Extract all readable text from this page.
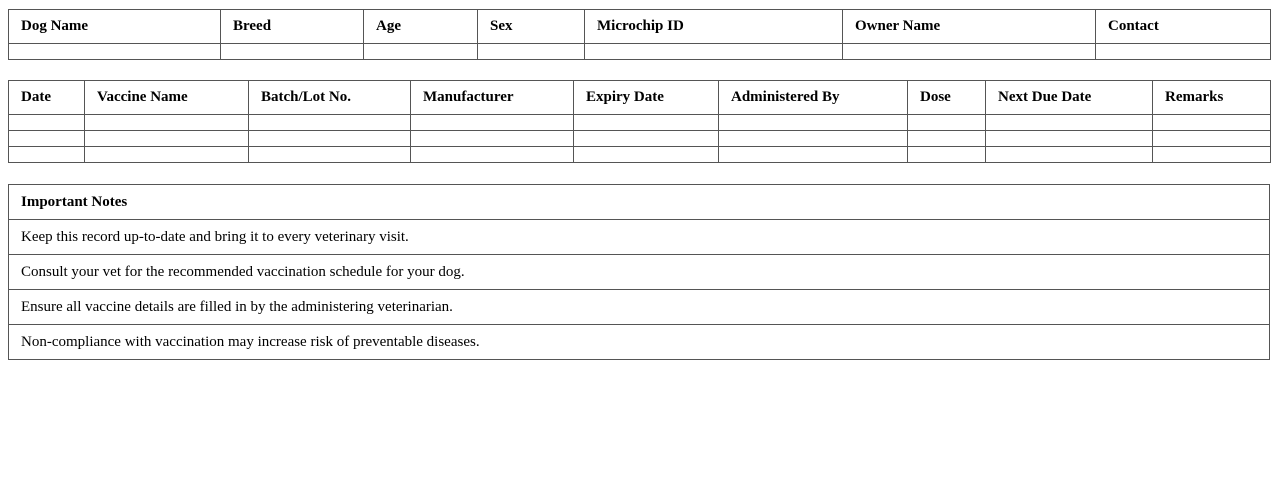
Dog Name	Breed	Age	Sex	Microchip ID	Owner Name	Contact

Date	Vaccine Name	Batch/Lot No.	Manufacturer	Expiry Date	Administered By	Dose	Next Due Date	Remarks

Important Notes
Keep this record up-to-date and bring it to every veterinary visit.
Consult your vet for the recommended vaccination schedule for your dog.
Ensure all vaccine details are filled in by the administering veterinarian.
Non-compliance with vaccination may increase risk of preventable diseases.
